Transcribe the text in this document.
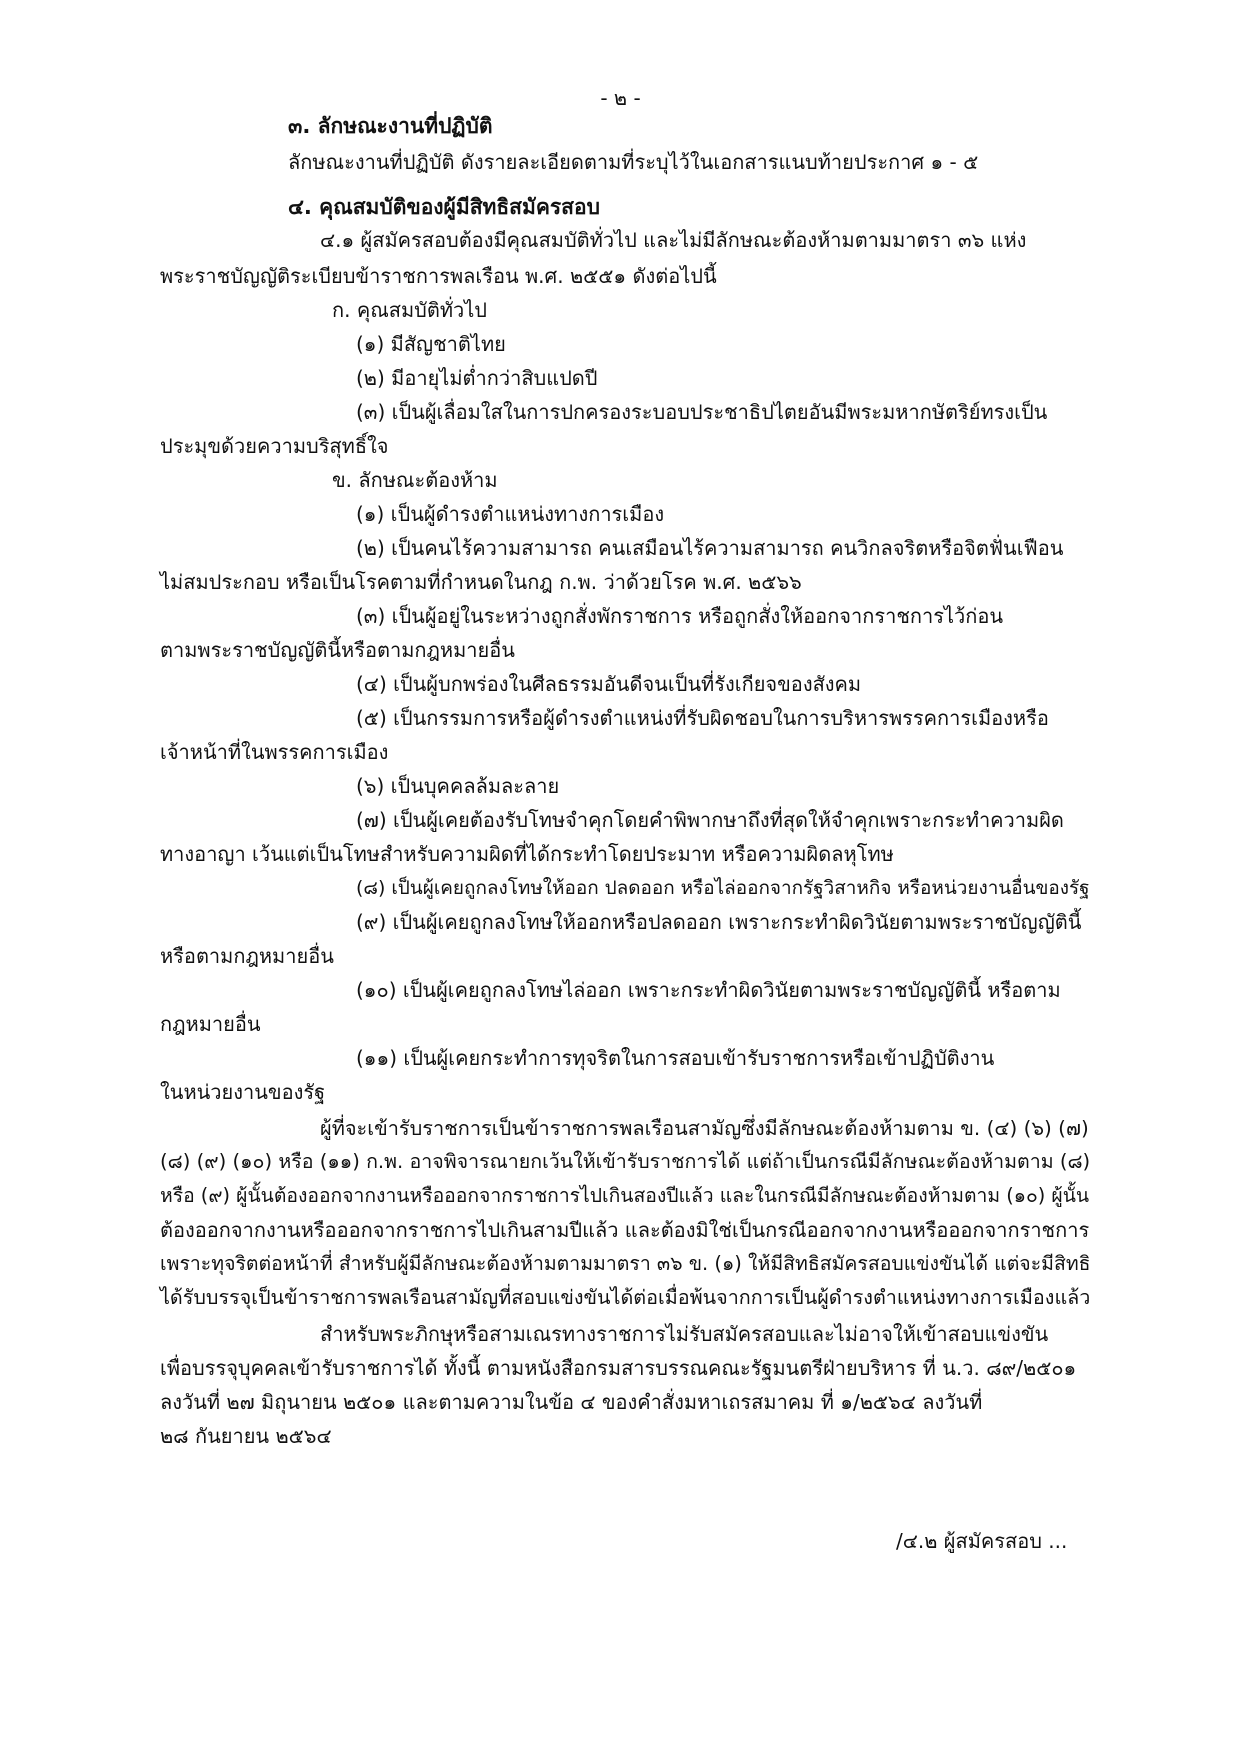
- ๒ -
๓. ลักษณะงานที่ปฏิบัติ
ลักษณะงานที่ปฏิบัติ ดังรายละเอียดตามที่ระบุไว้ในเอกสารแนบท้ายประกาศ ๑ - ๕
๔. คุณสมบัติของผู้มีสิทธิสมัครสอบ
๔.๑ ผู้สมัครสอบต้องมีคุณสมบัติทั่วไป และไม่มีลักษณะต้องห้ามตามมาตรา ๓๖ แห่ง
พระราชบัญญัติระเบียบข้าราชการพลเรือน พ.ศ. ๒๕๕๑ ดังต่อไปนี้
ก. คุณสมบัติทั่วไป
(๑) มีสัญชาติไทย
(๒) มีอายุไม่ต่ำกว่าสิบแปดปี
(๓) เป็นผู้เลื่อมใสในการปกครองระบอบประชาธิปไตยอันมีพระมหากษัตริย์ทรงเป็น
ประมุขด้วยความบริสุทธิ์ใจ
ข. ลักษณะต้องห้าม
(๑) เป็นผู้ดำรงตำแหน่งทางการเมือง
(๒) เป็นคนไร้ความสามารถ คนเสมือนไร้ความสามารถ คนวิกลจริตหรือจิตฟั่นเฟือน
ไม่สมประกอบ หรือเป็นโรคตามที่กำหนดในกฎ ก.พ. ว่าด้วยโรค พ.ศ. ๒๕๖๖
(๓) เป็นผู้อยู่ในระหว่างถูกสั่งพักราชการ หรือถูกสั่งให้ออกจากราชการไว้ก่อน
ตามพระราชบัญญัตินี้หรือตามกฎหมายอื่น
(๔) เป็นผู้บกพร่องในศีลธรรมอันดีจนเป็นที่รังเกียจของสังคม
(๕) เป็นกรรมการหรือผู้ดำรงตำแหน่งที่รับผิดชอบในการบริหารพรรคการเมืองหรือ
เจ้าหน้าที่ในพรรคการเมือง
(๖) เป็นบุคคลล้มละลาย
(๗) เป็นผู้เคยต้องรับโทษจำคุกโดยคำพิพากษาถึงที่สุดให้จำคุกเพราะกระทำความผิด
ทางอาญา เว้นแต่เป็นโทษสำหรับความผิดที่ได้กระทำโดยประมาท หรือความผิดลหุโทษ
(๘) เป็นผู้เคยถูกลงโทษให้ออก ปลดออก หรือไล่ออกจากรัฐวิสาหกิจ หรือหน่วยงานอื่นของรัฐ
(๙) เป็นผู้เคยถูกลงโทษให้ออกหรือปลดออก เพราะกระทำผิดวินัยตามพระราชบัญญัตินี้
หรือตามกฎหมายอื่น
(๑๐) เป็นผู้เคยถูกลงโทษไล่ออก เพราะกระทำผิดวินัยตามพระราชบัญญัตินี้ หรือตาม
กฎหมายอื่น
(๑๑) เป็นผู้เคยกระทำการทุจริตในการสอบเข้ารับราชการหรือเข้าปฏิบัติงาน
ในหน่วยงานของรัฐ
ผู้ที่จะเข้ารับราชการเป็นข้าราชการพลเรือนสามัญซึ่งมีลักษณะต้องห้ามตาม ข. (๔) (๖) (๗)
(๘) (๙) (๑๐) หรือ (๑๑) ก.พ. อาจพิจารณายกเว้นให้เข้ารับราชการได้ แต่ถ้าเป็นกรณีมีลักษณะต้องห้ามตาม (๘)
หรือ (๙) ผู้นั้นต้องออกจากงานหรือออกจากราชการไปเกินสองปีแล้ว และในกรณีมีลักษณะต้องห้ามตาม (๑๐) ผู้นั้น
ต้องออกจากงานหรือออกจากราชการไปเกินสามปีแล้ว และต้องมิใช่เป็นกรณีออกจากงานหรือออกจากราชการ
เพราะทุจริตต่อหน้าที่ สำหรับผู้มีลักษณะต้องห้ามตามมาตรา ๓๖ ข. (๑) ให้มีสิทธิสมัครสอบแข่งขันได้ แต่จะมีสิทธิ
ได้รับบรรจุเป็นข้าราชการพลเรือนสามัญที่สอบแข่งขันได้ต่อเมื่อพ้นจากการเป็นผู้ดำรงตำแหน่งทางการเมืองแล้ว
สำหรับพระภิกษุหรือสามเณรทางราชการไม่รับสมัครสอบและไม่อาจให้เข้าสอบแข่งขัน
เพื่อบรรจุบุคคลเข้ารับราชการได้ ทั้งนี้ ตามหนังสือกรมสารบรรณคณะรัฐมนตรีฝ่ายบริหาร ที่ น.ว. ๘๙/๒๕๐๑
ลงวันที่ ๒๗ มิถุนายน ๒๕๐๑ และตามความในข้อ ๔ ของคำสั่งมหาเถรสมาคม ที่ ๑/๒๕๖๔ ลงวันที่
๒๘ กันยายน ๒๕๖๔
/๔.๒ ผู้สมัครสอบ ...
